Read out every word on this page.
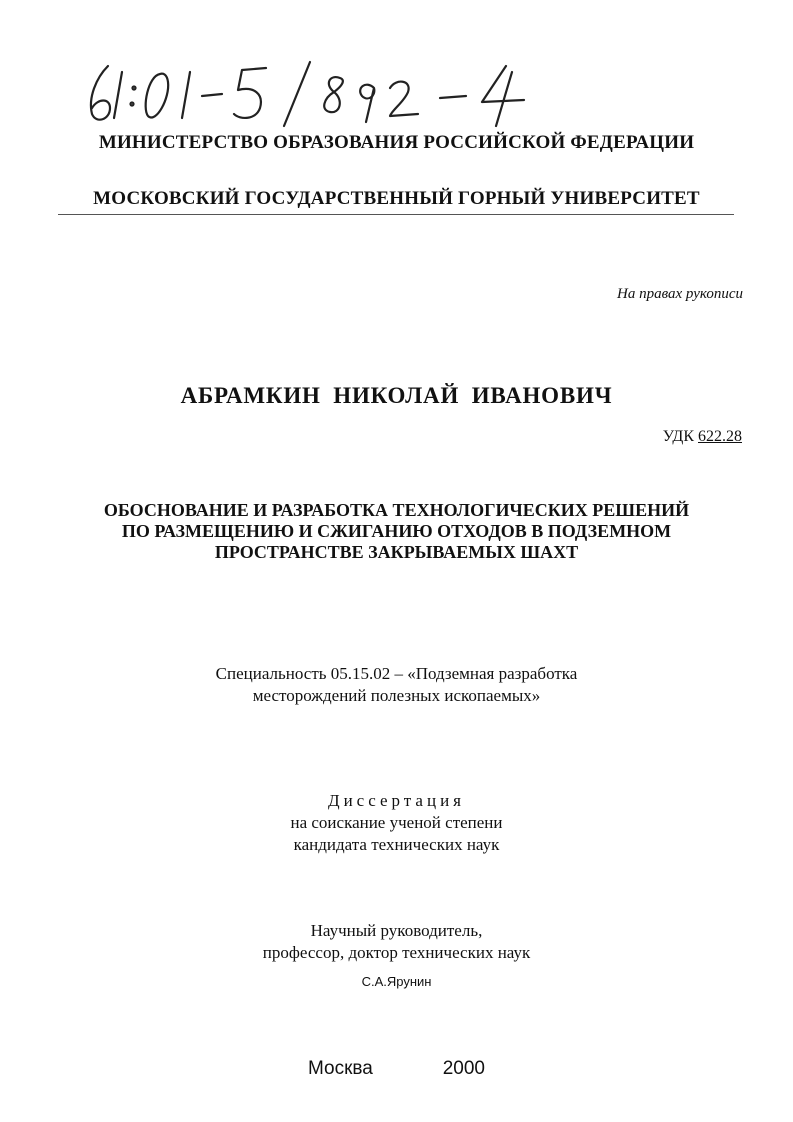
МИНИСТЕРСТВО ОБРАЗОВАНИЯ РОССИЙСКОЙ ФЕДЕРАЦИИ
МОСКОВСКИЙ ГОСУДАРСТВЕННЫЙ ГОРНЫЙ УНИВЕРСИТЕТ
На правах рукописи
АБРАМКИН НИКОЛАЙ ИВАНОВИЧ
УДК 622.28
ОБОСНОВАНИЕ И РАЗРАБОТКА ТЕХНОЛОГИЧЕСКИХ РЕШЕНИЙ
ПО РАЗМЕЩЕНИЮ И СЖИГАНИЮ ОТХОДОВ В ПОДЗЕМНОМ
ПРОСТРАНСТВЕ ЗАКРЫВАЕМЫХ ШАХТ
Специальность 05.15.02 – «Подземная разработка
месторождений полезных ископаемых»
Диссертация
на соискание ученой степени
кандидата технических наук
Научный руководитель,
профессор, доктор технических наук
С.А.Ярунин
Москва   2000
